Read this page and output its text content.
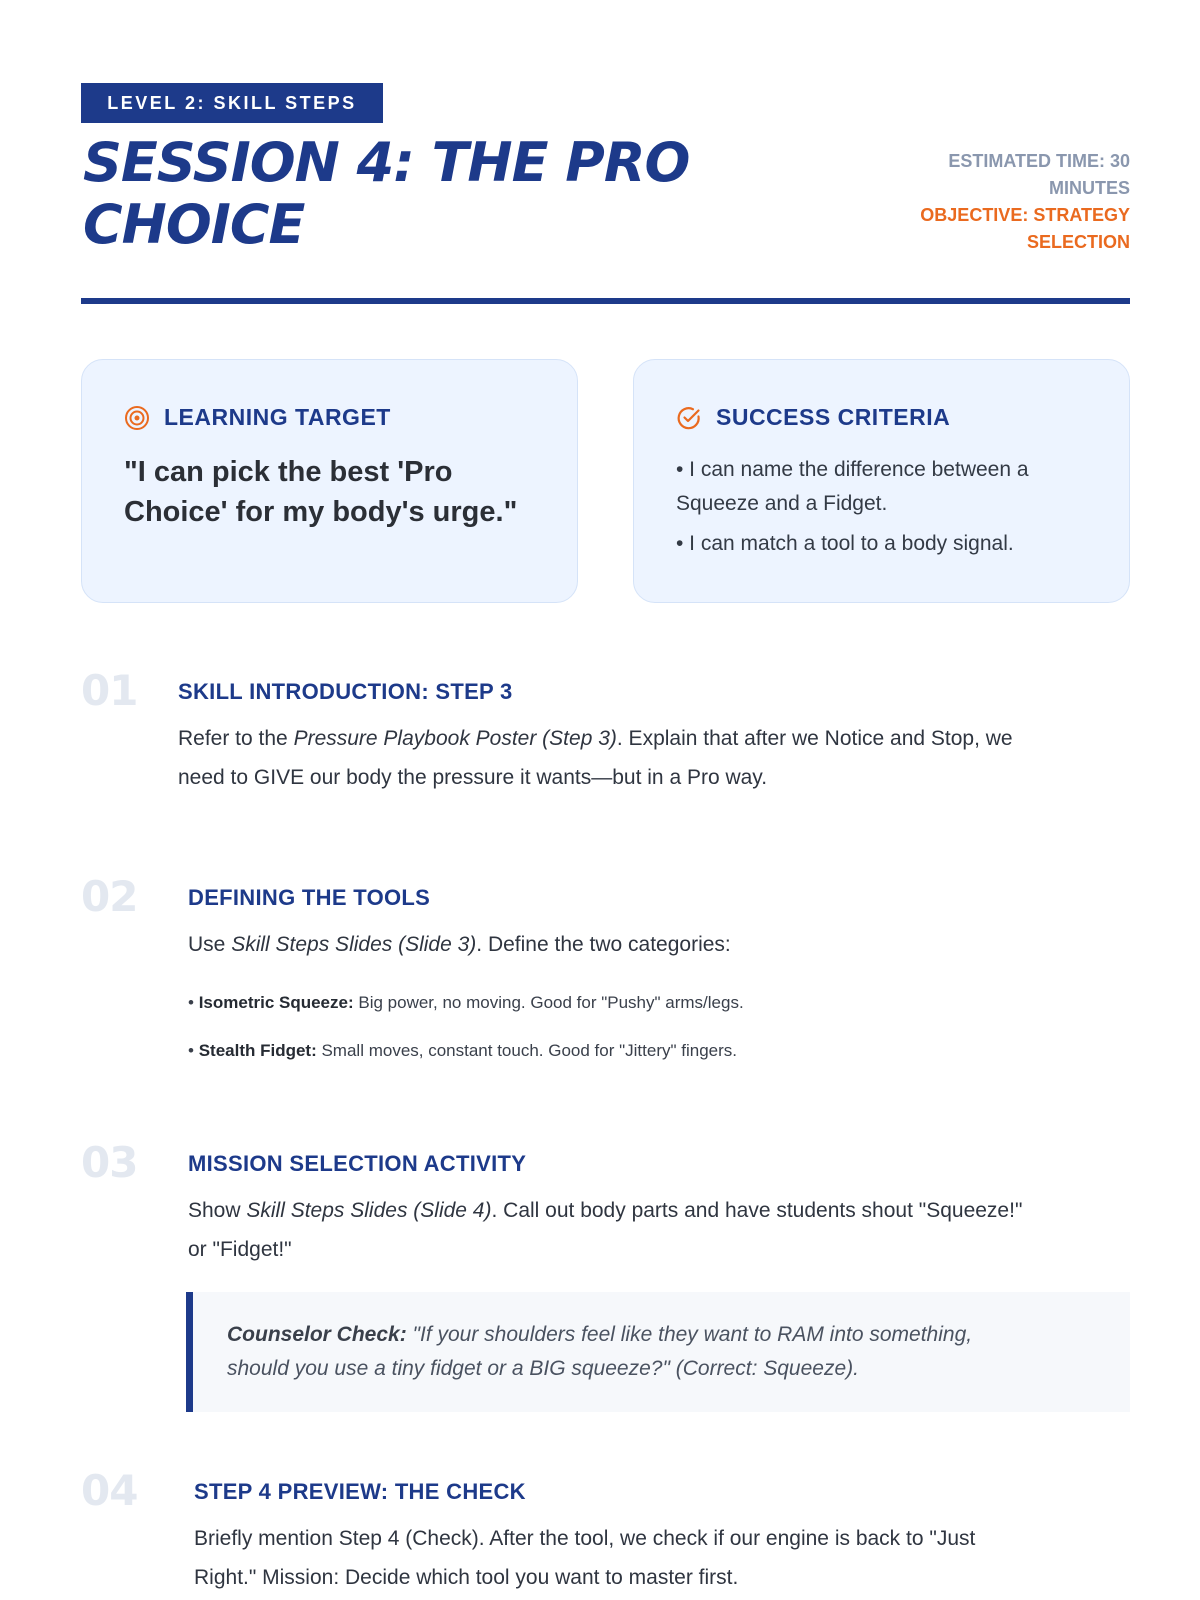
LEVEL 2: SKILL STEPS
SESSION 4: THE PRO
CHOICE
ESTIMATED TIME: 30
MINUTES
OBJECTIVE: STRATEGY
SELECTION
LEARNING TARGET
"I can pick the best 'Pro
Choice' for my body's urge."
SUCCESS CRITERIA
• I can name the difference between a
Squeeze and a Fidget.
• I can match a tool to a body signal.
01 SKILL INTRODUCTION: STEP 3
Refer to the Pressure Playbook Poster (Step 3). Explain that after we Notice and Stop, we
need to GIVE our body the pressure it wants—but in a Pro way.
02 DEFINING THE TOOLS
Use Skill Steps Slides (Slide 3). Define the two categories:
• Isometric Squeeze: Big power, no moving. Good for "Pushy" arms/legs.
• Stealth Fidget: Small moves, constant touch. Good for "Jittery" fingers.
03 MISSION SELECTION ACTIVITY
Show Skill Steps Slides (Slide 4). Call out body parts and have students shout "Squeeze!"
or "Fidget!"
Counselor Check: "If your shoulders feel like they want to RAM into something,
should you use a tiny fidget or a BIG squeeze?" (Correct: Squeeze).
04	STEP 4 PREVIEW: THE CHECK
Briefly mention Step 4 (Check). After the tool, we check if our engine is back to "Just
Right." Mission: Decide which tool you want to master first.
